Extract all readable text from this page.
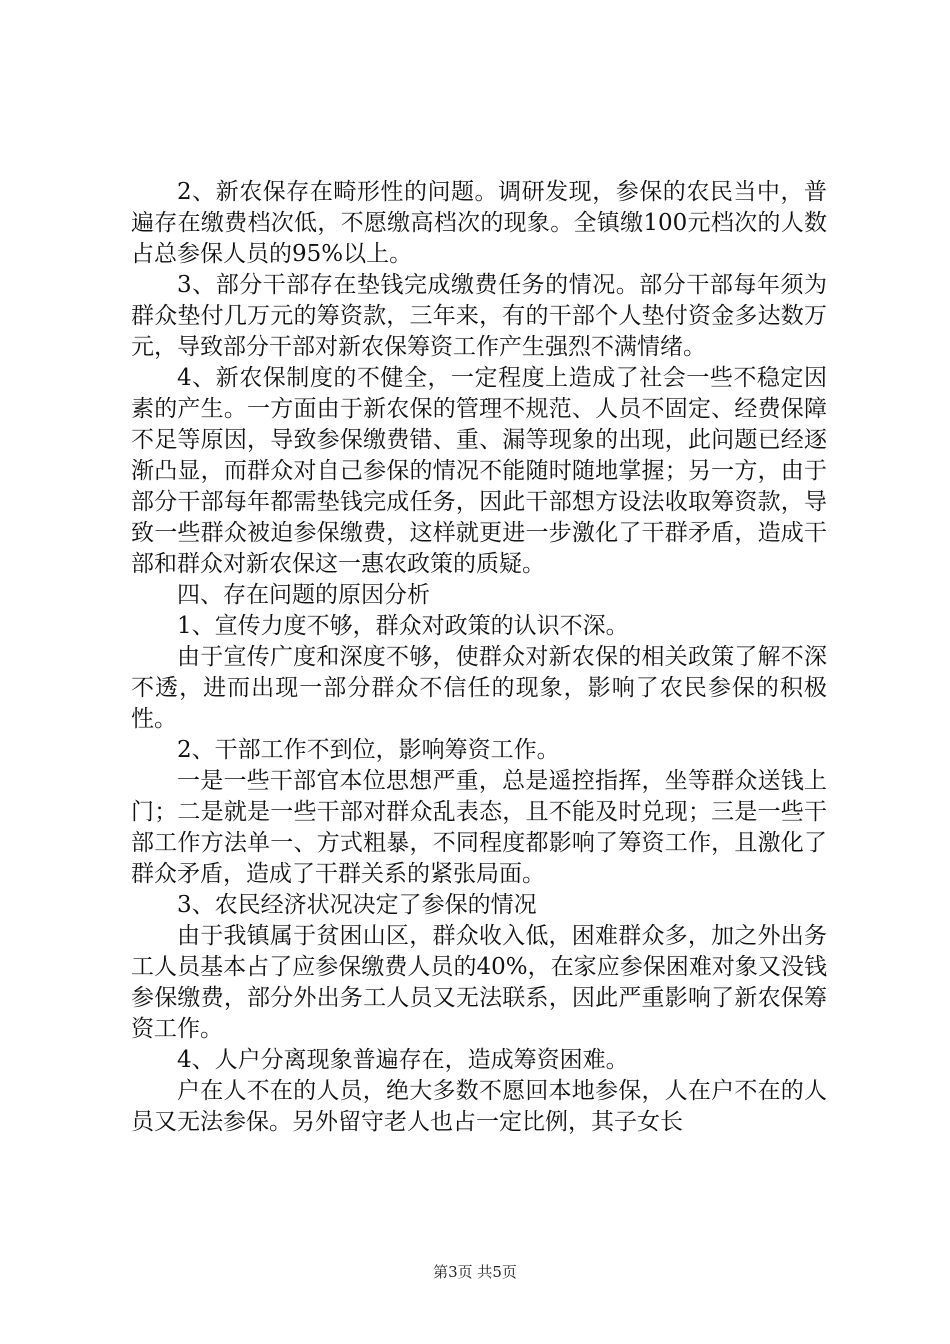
2、新农保存在畸形性的问题。调研发现，参保的农民当中，普遍存在缴费档次低，不愿缴高档次的现象。全镇缴100元档次的人数占总参保人员的95%以上。

3、部分干部存在垫钱完成缴费任务的情况。部分干部每年须为群众垫付几万元的筹资款，三年来，有的干部个人垫付资金多达数万元，导致部分干部对新农保筹资工作产生强烈不满情绪。

4、新农保制度的不健全，一定程度上造成了社会一些不稳定因素的产生。一方面由于新农保的管理不规范、人员不固定、经费保障不足等原因，导致参保缴费错、重、漏等现象的出现，此问题已经逐渐凸显，而群众对自己参保的情况不能随时随地掌握；另一方，由于部分干部每年都需垫钱完成任务，因此干部想方设法收取筹资款，导致一些群众被迫参保缴费，这样就更进一步激化了干群矛盾，造成干部和群众对新农保这一惠农政策的质疑。

四、存在问题的原因分析

1、宣传力度不够，群众对政策的认识不深。

由于宣传广度和深度不够，使群众对新农保的相关政策了解不深不透，进而出现一部分群众不信任的现象，影响了农民参保的积极性。

2、干部工作不到位，影响筹资工作。

一是一些干部官本位思想严重，总是遥控指挥，坐等群众送钱上门；二是就是一些干部对群众乱表态，且不能及时兑现；三是一些干部工作方法单一、方式粗暴，不同程度都影响了筹资工作，且激化了群众矛盾，造成了干群关系的紧张局面。

3、农民经济状况决定了参保的情况

由于我镇属于贫困山区，群众收入低，困难群众多，加之外出务工人员基本占了应参保缴费人员的40%，在家应参保困难对象又没钱参保缴费，部分外出务工人员又无法联系，因此严重影响了新农保筹资工作。

4、人户分离现象普遍存在，造成筹资困难。

户在人不在的人员，绝大多数不愿回本地参保，人在户不在的人员又无法参保。另外留守老人也占一定比例，其子女长

第3页 共5页
